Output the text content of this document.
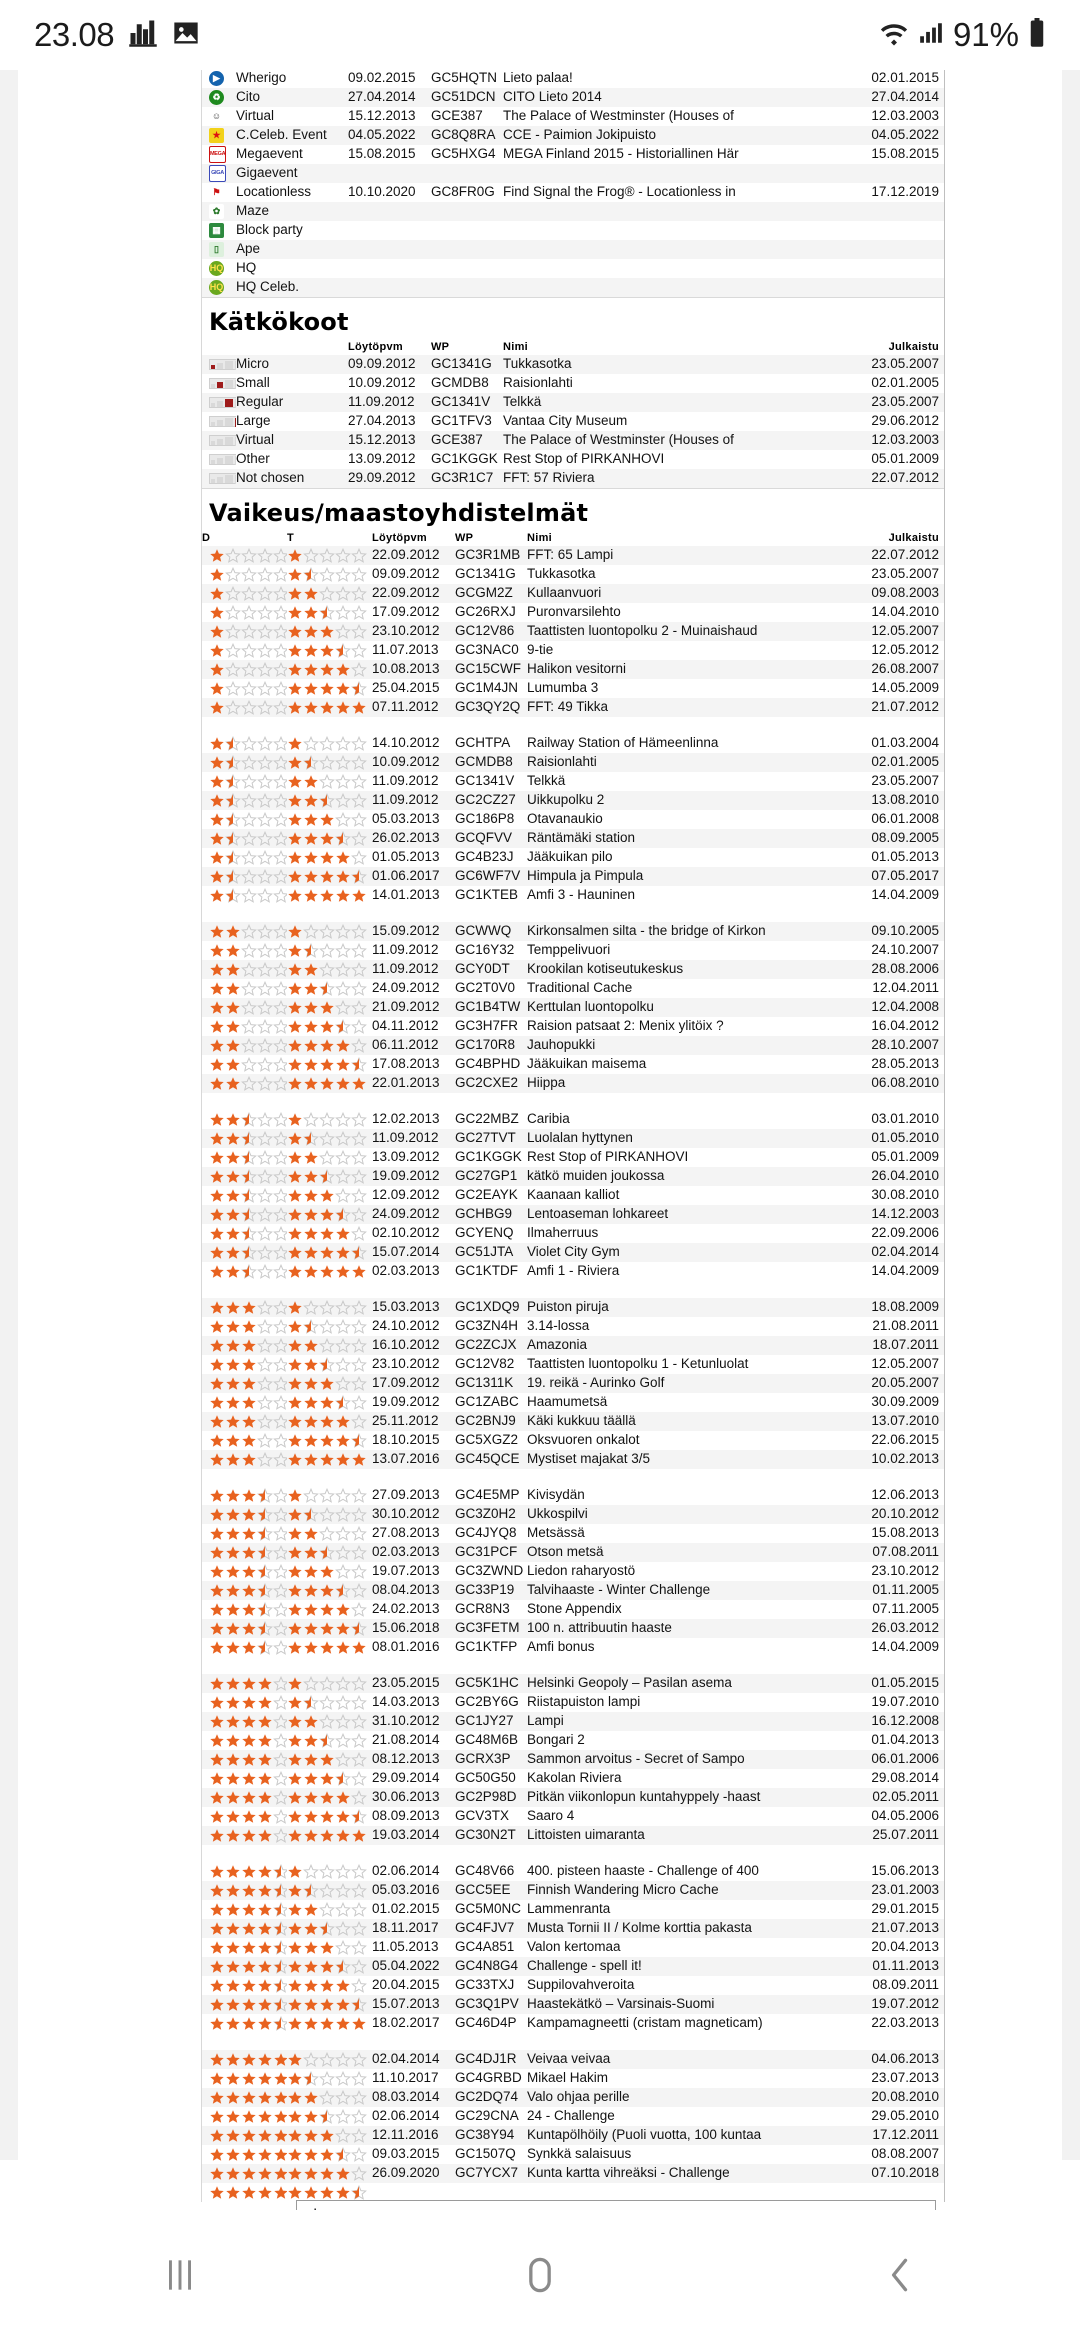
23.08	91%

▶	Wherigo	09.02.2015	GC5HQTN	Lieto palaa!	02.01.2015
♻	Cito	27.04.2014	GC51DCN	CITO Lieto 2014	27.04.2014
☺	Virtual	15.12.2013	GCE387	The Palace of Westminster (Houses of	12.03.2003
★	C.Celeb. Event	04.05.2022	GC8Q8RA	CCE - Paimion Jokipuisto	04.05.2022
MEGA	Megaevent	15.08.2015	GC5HXG4	MEGA Finland 2015 - Historiallinen Här	15.08.2015
GIGA	Gigaevent				
⚑	Locationless	10.10.2020	GC8FR0G	Find Signal the Frog® - Locationless in	17.12.2019
✿	Maze				
▦	Block party				
▯	Ape				
HQ	HQ				
HQ	HQ Celeb.				
Kätkökoot
		Löytöpvm	WP	Nimi	Julkaistu

	Micro	09.09.2012	GC1341G	Tukkasotka	23.05.2007

	Small	10.09.2012	GCMDB8	Raisionlahti	02.01.2005

	Regular	11.09.2012	GC1341V	Telkkä	23.05.2007

	Large	27.04.2013	GC1TFV3	Vantaa City Museum	29.06.2012

	Virtual	15.12.2013	GCE387	The Palace of Westminster (Houses of	12.03.2003

	Other	13.09.2012	GC1KGGK	Rest Stop of PIRKANHOVI	05.01.2009

	Not chosen	29.09.2012	GC3R1C7	FFT: 57 Riviera	22.07.2012
Vaikeus/maastoyhdistelmät
D	T	Löytöpvm	WP	Nimi	Julkaistu

	22.09.2012	GC3R1MB	FFT: 65 Lampi	22.07.2012

	09.09.2012	GC1341G	Tukkasotka	23.05.2007

	22.09.2012	GCGM2Z	Kullaanvuori	09.08.2003

	17.09.2012	GC26RXJ	Puronvarsilehto	14.04.2010

	23.10.2012	GC12V86	Taattisten luontopolku 2 - Muinaishaud	12.05.2007

	11.07.2013	GC3NAC0	9-tie	12.05.2012

	10.08.2013	GC15CWF	Halikon vesitorni	26.08.2007

	25.04.2015	GC1M4JN	Lumumba 3	14.05.2009

	07.11.2012	GC3QY2Q	FFT: 49 Tikka	21.07.2012

	14.10.2012	GCHTPA	Railway Station of Hämeenlinna	01.03.2004

	10.09.2012	GCMDB8	Raisionlahti	02.01.2005

	11.09.2012	GC1341V	Telkkä	23.05.2007

	11.09.2012	GC2CZ27	Uikkupolku 2	13.08.2010

	05.03.2013	GC186P8	Otavanaukio	06.01.2008

	26.02.2013	GCQFVV	Räntämäki station	08.09.2005

	01.05.2013	GC4B23J	Jääkuikan pilo	01.05.2013

	01.06.2017	GC6WF7V	Himpula ja Pimpula	07.05.2017

	14.01.2013	GC1KTEB	Amfi 3 - Hauninen	14.04.2009

	15.09.2012	GCWWQ	Kirkonsalmen silta - the bridge of Kirkon	09.10.2005

	11.09.2012	GC16Y32	Temppelivuori	24.10.2007

	11.09.2012	GCY0DT	Krookilan kotiseutukeskus	28.08.2006

	24.09.2012	GC2T0V0	Traditional Cache	12.04.2011

	21.09.2012	GC1B4TW	Kerttulan luontopolku	12.04.2008

	04.11.2012	GC3H7FR	Raision patsaat 2: Menix ylitöix ?	16.04.2012

	06.11.2012	GC170R8	Jauhopukki	28.10.2007

	17.08.2013	GC4BPHD	Jääkuikan maisema	28.05.2013

	22.01.2013	GC2CXE2	Hiippa	06.08.2010

	12.02.2013	GC22MBZ	Caribia	03.01.2010

	11.09.2012	GC27TVT	Luolalan hyttynen	01.05.2010

	13.09.2012	GC1KGGK	Rest Stop of PIRKANHOVI	05.01.2009

	19.09.2012	GC27GP1	kätkö muiden joukossa	26.04.2010

	12.09.2012	GC2EAYK	Kaanaan kalliot	30.08.2010

	24.09.2012	GCHBG9	Lentoaseman lohkareet	14.12.2003

	02.10.2012	GCYENQ	Ilmaherruus	22.09.2006

	15.07.2014	GC51JTA	Violet City Gym	02.04.2014

	02.03.2013	GC1KTDF	Amfi 1 - Riviera	14.04.2009

	15.03.2013	GC1XDQ9	Puiston piruja	18.08.2009

	24.10.2012	GC3ZN4H	3.14-lossa	21.08.2011

	16.10.2012	GC2ZCJX	Amazonia	18.07.2011

	23.10.2012	GC12V82	Taattisten luontopolku 1 - Ketunluolat	12.05.2007

	17.09.2012	GC1311K	19. reikä - Aurinko Golf	20.05.2007

	19.09.2012	GC1ZABC	Haamumetsä	30.09.2009

	25.11.2012	GC2BNJ9	Käki kukkuu täällä	13.07.2010

	18.10.2015	GC5XGZ2	Oksvuoren onkalot	22.06.2015

	13.07.2016	GC45QCE	Mystiset majakat 3/5	10.02.2013

	27.09.2013	GC4E5MP	Kivisydän	12.06.2013

	30.10.2012	GC3Z0H2	Ukkospilvi	20.10.2012

	27.08.2013	GC4JYQ8	Metsässä	15.08.2013

	02.03.2013	GC31PCF	Otson metsä	07.08.2011

	19.07.2013	GC3ZWND	Liedon raharyostö	23.10.2012

	08.04.2013	GC33P19	Talvihaaste - Winter Challenge	01.11.2005

	24.02.2013	GCR8N3	Stone Appendix	07.11.2005

	15.06.2018	GC3FETM	100 n. attribuutin haaste	26.03.2012

	08.01.2016	GC1KTFP	Amfi bonus	14.04.2009

	23.05.2015	GC5K1HC	Helsinki Geopoly – Pasilan asema	01.05.2015

	14.03.2013	GC2BY6G	Riistapuiston lampi	19.07.2010

	31.10.2012	GC1JY27	Lampi	16.12.2008

	21.08.2014	GC48M6B	Bongari 2	01.04.2013

	08.12.2013	GCRX3P	Sammon arvoitus - Secret of Sampo	06.01.2006

	29.09.2014	GC50G50	Kakolan Riviera	29.08.2014

	30.06.2013	GC2P98D	Pitkän viikonlopun kuntahyppely -haast	02.05.2011

	08.09.2013	GCV3TX	Saaro 4	04.05.2006

	19.03.2014	GC30N2T	Littoisten uimaranta	25.07.2011

	02.06.2014	GC48V66	400. pisteen haaste - Challenge of 400	15.06.2013

	05.03.2016	GCC5EE	Finnish Wandering Micro Cache	23.01.2003

	01.02.2015	GC5M0NC	Lammenranta	29.01.2015

	18.11.2017	GC4FJV7	Musta Tornii II / Kolme korttia pakasta	21.07.2013

	11.05.2013	GC4A851	Valon kertomaa	20.04.2013

	05.04.2022	GC4N8G4	Challenge - spell it!	01.11.2013

	20.04.2015	GC33TXJ	Suppilovahveroita	08.09.2011

	15.07.2013	GC3Q1PV	Haastekätkö – Varsinais-Suomi	19.07.2012

	18.02.2017	GC46D4P	Kampamagneetti (cristam magneticam)	22.03.2013

	02.04.2014	GC4DJ1R	Veivaa veivaa	04.06.2013

	11.10.2017	GC4GRBD	Mikael Hakim	23.07.2013

	08.03.2014	GC2DQ74	Valo ohjaa perille	20.08.2010

	02.06.2014	GC29CNA	24 - Challenge	29.05.2010

	12.11.2016	GC38Y94	Kuntapölhöily (Puoli vuotta, 100 kuntaa	17.12.2011

	09.03.2015	GC1507Q	Synkkä salaisuus	08.08.2007

	26.09.2020	GC7YCX7	Kunta kartta vihreäksi - Challenge	07.10.2018
